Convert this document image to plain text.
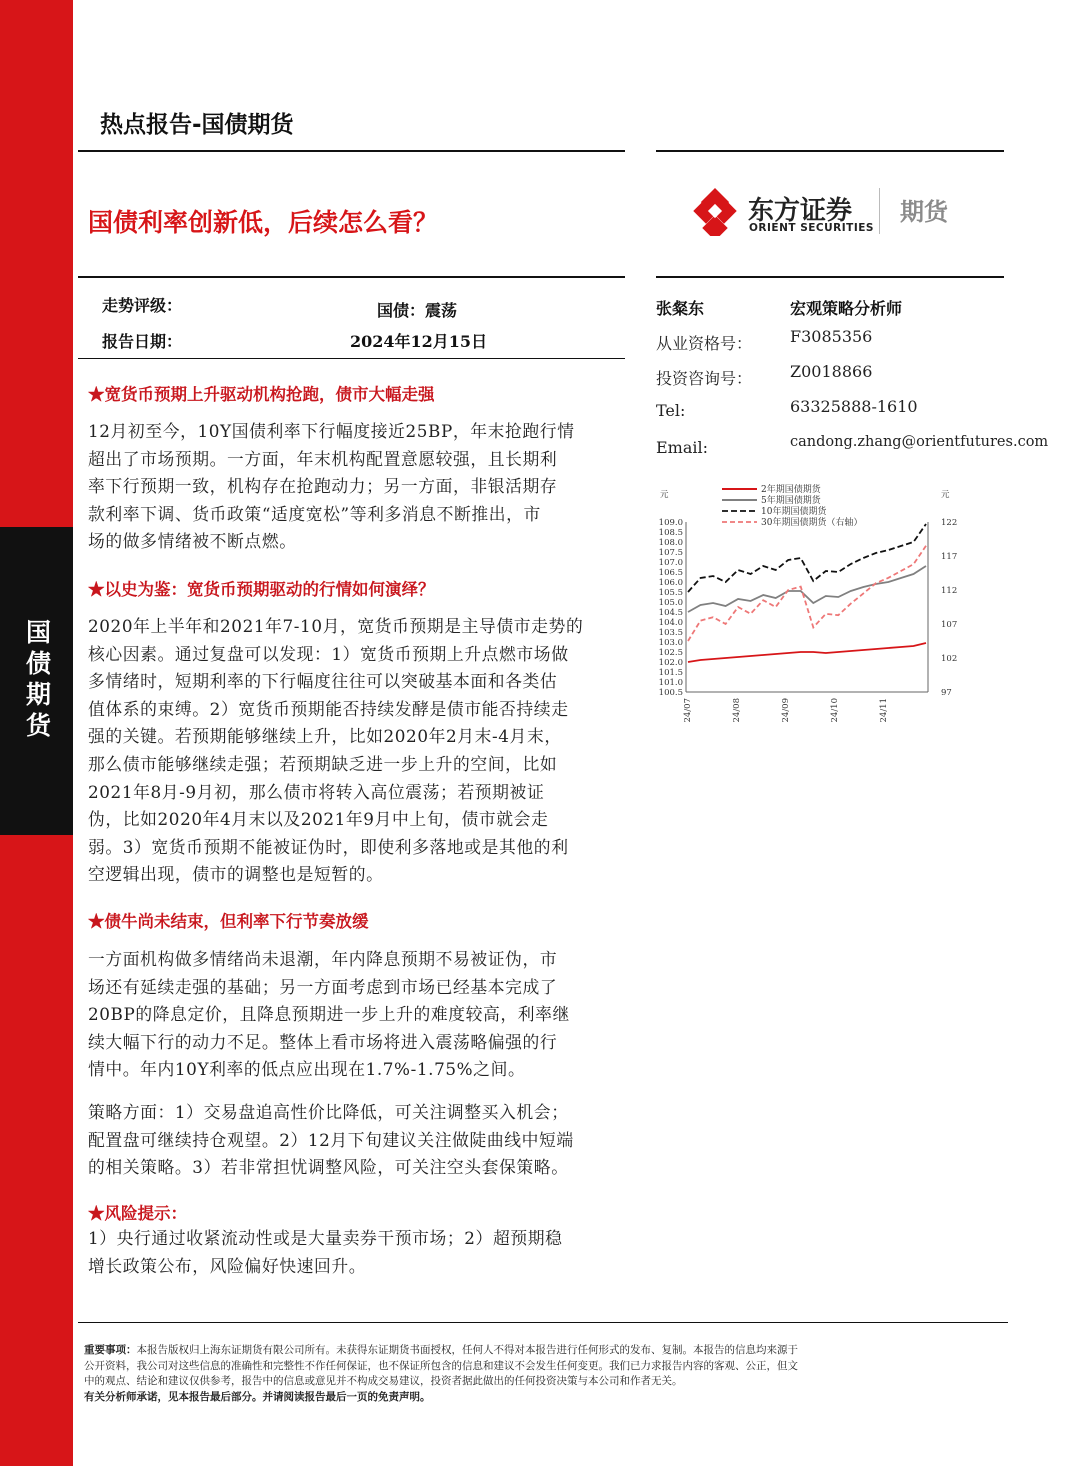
国债期货
热点报告-国债期货
国债利率创新低，后续怎么看？	东方证券
ORIENT SECURITIES
期货
走势评级：	国债：震荡
报告日期：	2024年12月15日
张粲东	宏观策略分析师
从业资格号： F3085356
投资咨询号： Z0018866
Tel:	63325888-1610
Email:	candong.zhang@orientfutures.com
元	元
2年期国债期货
5年期国债期货
10年期国债期货
30年期国债期货（右轴）
109.0
108.5
108.0
107.5
107.0
106.5
106.0
105.5
105.0
104.5
104.0
103.5
103.0
102.5
102.0
101.5
101.0
100.5
122
117
112
107
102
97
24/07	24/08	24/09	24/10	24/11
★宽货币预期上升驱动机构抢跑，债市大幅走强
12月初至今，10Y国债利率下行幅度接近25BP，年末抢跑行情
超出了市场预期。一方面，年末机构配置意愿较强，且长期利
率下行预期一致，机构存在抢跑动力；另一方面，非银活期存
款利率下调、货币政策“适度宽松”等利多消息不断推出，市
场的做多情绪被不断点燃。
★以史为鉴：宽货币预期驱动的行情如何演绎？
2020年上半年和2021年7-10月，宽货币预期是主导债市走势的
核心因素。通过复盘可以发现：1）宽货币预期上升点燃市场做
多情绪时，短期利率的下行幅度往往可以突破基本面和各类估
值体系的束缚。2）宽货币预期能否持续发酵是债市能否持续走
强的关键。若预期能够继续上升，比如2020年2月末-4月末，
那么债市能够继续走强；若预期缺乏进一步上升的空间，比如
2021年8月-9月初，那么债市将转入高位震荡；若预期被证
伪，比如2020年4月末以及2021年9月中上旬，债市就会走
弱。3）宽货币预期不能被证伪时，即使利多落地或是其他的利
空逻辑出现，债市的调整也是短暂的。
★债牛尚未结束，但利率下行节奏放缓
一方面机构做多情绪尚未退潮，年内降息预期不易被证伪，市
场还有延续走强的基础；另一方面考虑到市场已经基本完成了
20BP的降息定价，且降息预期进一步上升的难度较高，利率继
续大幅下行的动力不足。整体上看市场将进入震荡略偏强的行
情中。年内10Y利率的低点应出现在1.7%-1.75%之间。
策略方面：1）交易盘追高性价比降低，可关注调整买入机会；
配置盘可继续持仓观望。2）12月下旬建议关注做陡曲线中短端
的相关策略。3）若非常担忧调整风险，可关注空头套保策略。
★风险提示：
1）央行通过收紧流动性或是大量卖券干预市场；2）超预期稳
增长政策公布，风险偏好快速回升。
重要事项：本报告版权归上海东证期货有限公司所有。未获得东证期货书面授权，任何人不得对本报告进行任何形式的发布、复制。本报告的信息均来源于
公开资料，我公司对这些信息的准确性和完整性不作任何保证，也不保证所包含的信息和建议不会发生任何变更。我们已力求报告内容的客观、公正，但文
中的观点、结论和建议仅供参考，报告中的信息或意见并不构成交易建议，投资者据此做出的任何投资决策与本公司和作者无关。
有关分析师承诺，见本报告最后部分。并请阅读报告最后一页的免责声明。
